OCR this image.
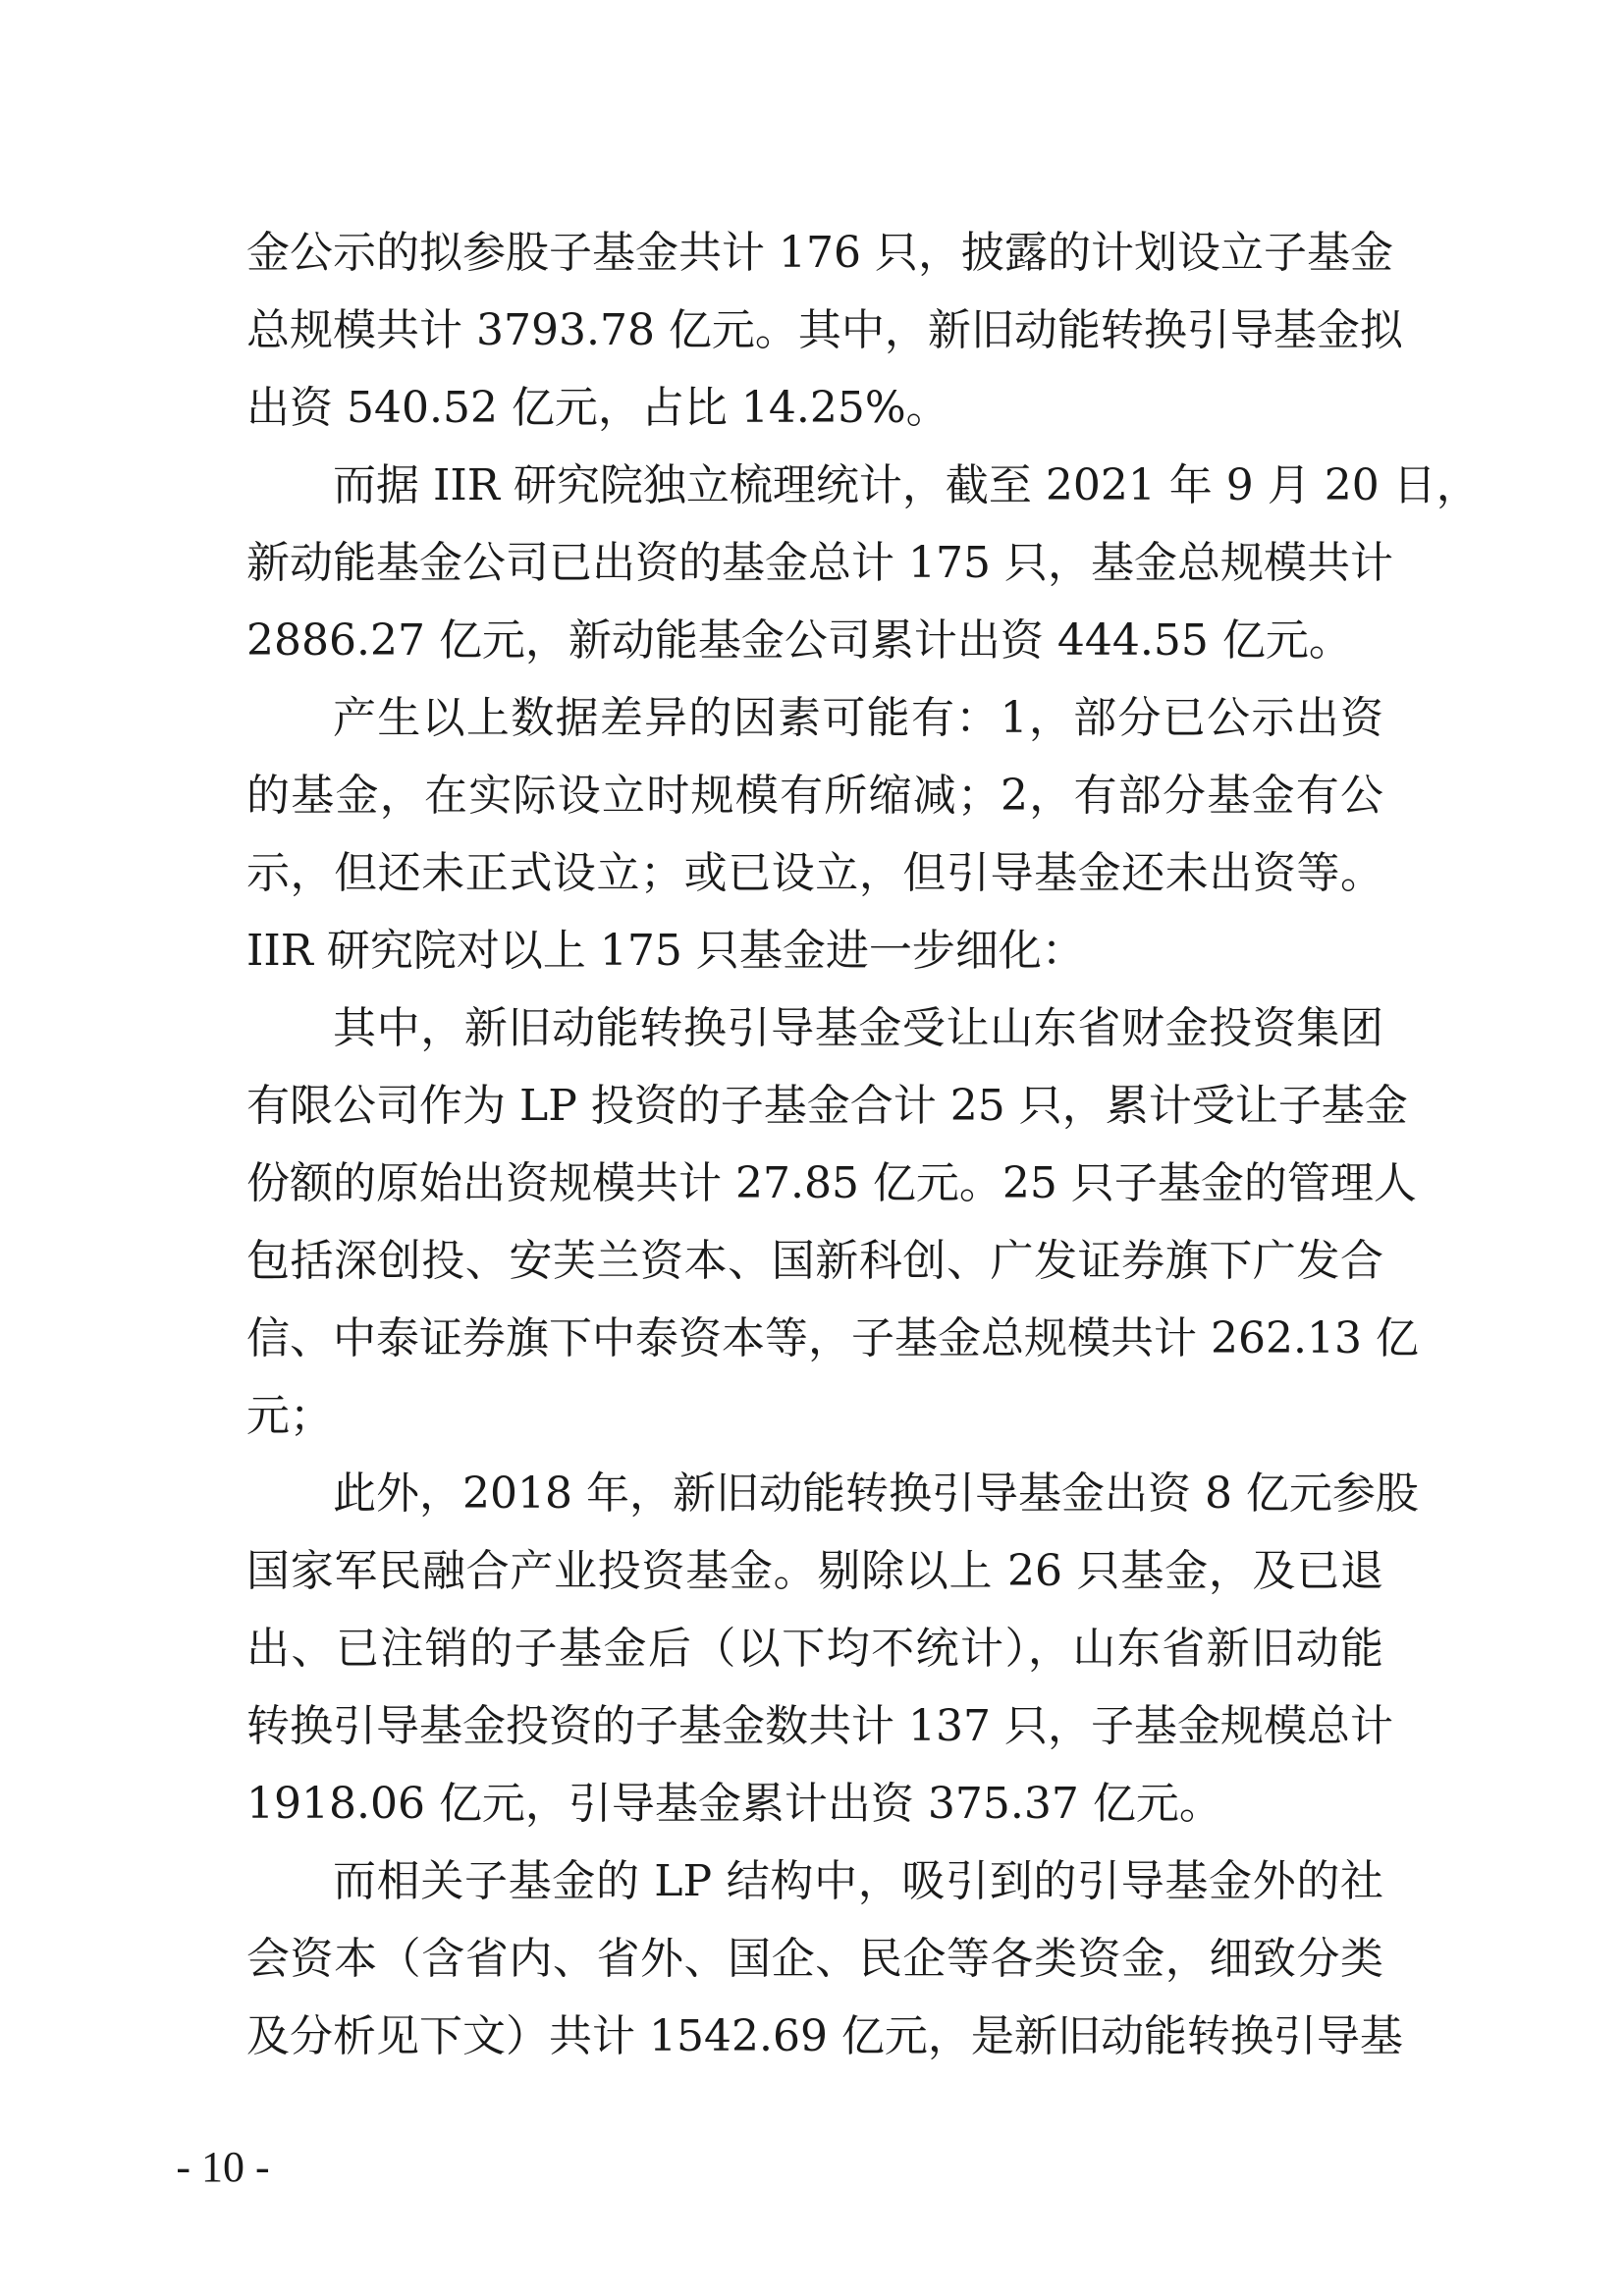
金公示的拟参股子基金共计 176 只，披露的计划设立子基金
总规模共计 3793.78 亿元。其中，新旧动能转换引导基金拟
出资 540.52 亿元，占比 14.25%。
而据 IIR 研究院独立梳理统计，截至 2021 年 9 月 20 日，
新动能基金公司已出资的基金总计 175 只，基金总规模共计
2886.27 亿元，新动能基金公司累计出资 444.55 亿元。
产生以上数据差异的因素可能有：1，部分已公示出资
的基金，在实际设立时规模有所缩减；2，有部分基金有公
示，但还未正式设立；或已设立，但引导基金还未出资等。
IIR 研究院对以上 175 只基金进一步细化：
其中，新旧动能转换引导基金受让山东省财金投资集团
有限公司作为 LP 投资的子基金合计 25 只，累计受让子基金
份额的原始出资规模共计 27.85 亿元。25 只子基金的管理人
包括深创投、安芙兰资本、国新科创、广发证券旗下广发合
信、中泰证券旗下中泰资本等，子基金总规模共计 262.13 亿
元；
此外，2018 年，新旧动能转换引导基金出资 8 亿元参股
国家军民融合产业投资基金。剔除以上 26 只基金，及已退
出、已注销的子基金后（以下均不统计），山东省新旧动能
转换引导基金投资的子基金数共计 137 只，子基金规模总计
1918.06 亿元，引导基金累计出资 375.37 亿元。
而相关子基金的 LP 结构中，吸引到的引导基金外的社
会资本（含省内、省外、国企、民企等各类资金，细致分类
及分析见下文）共计 1542.69 亿元，是新旧动能转换引导基
- 10 -
